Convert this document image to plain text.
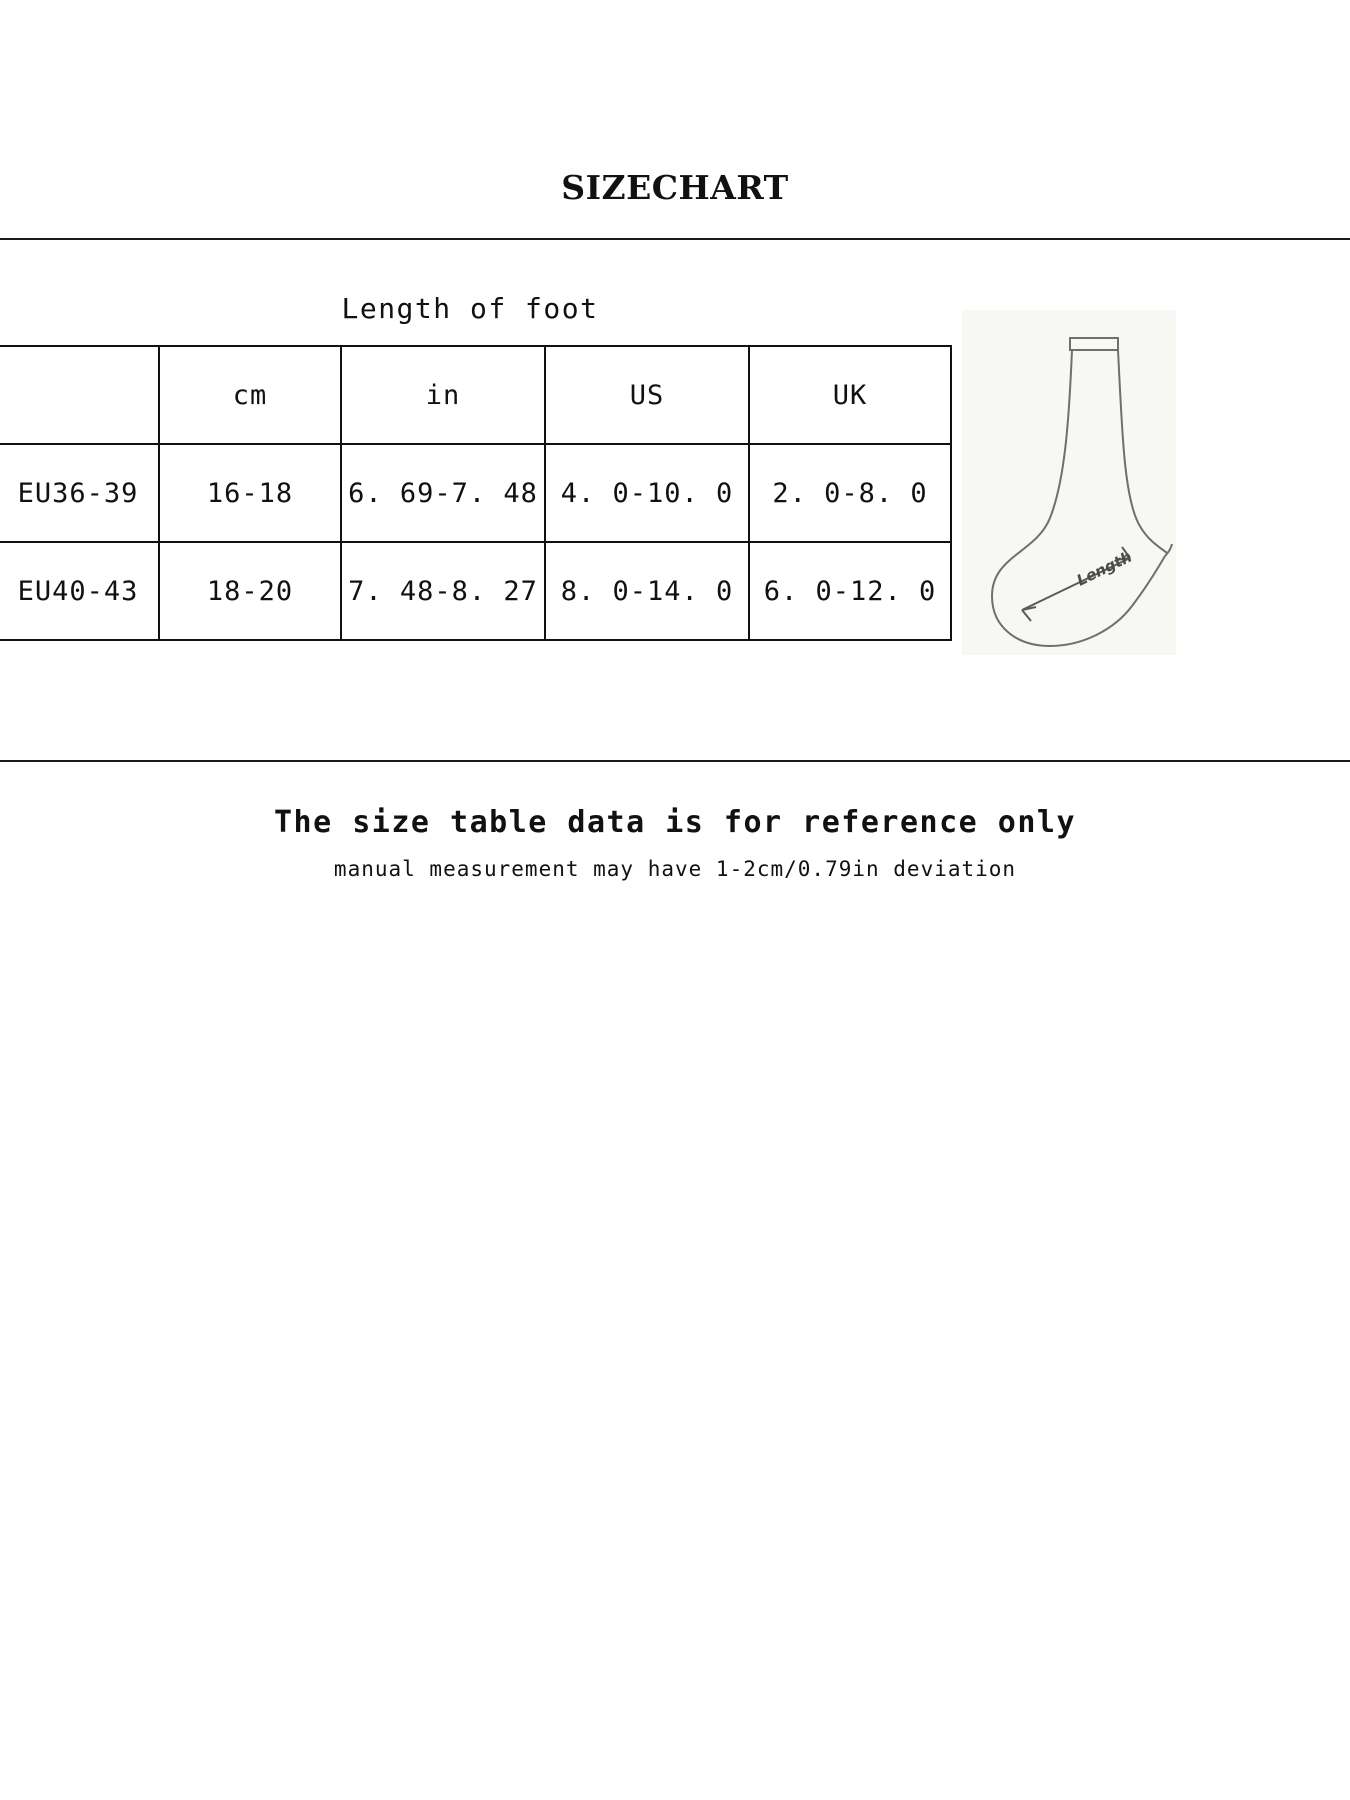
SIZECHART
Length of foot
	cm	in	US	UK
EU36-39	16-18	6. 69-7. 48	4. 0-10. 0	2. 0-8. 0
EU40-43	18-20	7. 48-8. 27	8. 0-14. 0	6. 0-12. 0
Length
The size table data is for reference only
manual measurement may have 1-2cm/0.79in deviation
